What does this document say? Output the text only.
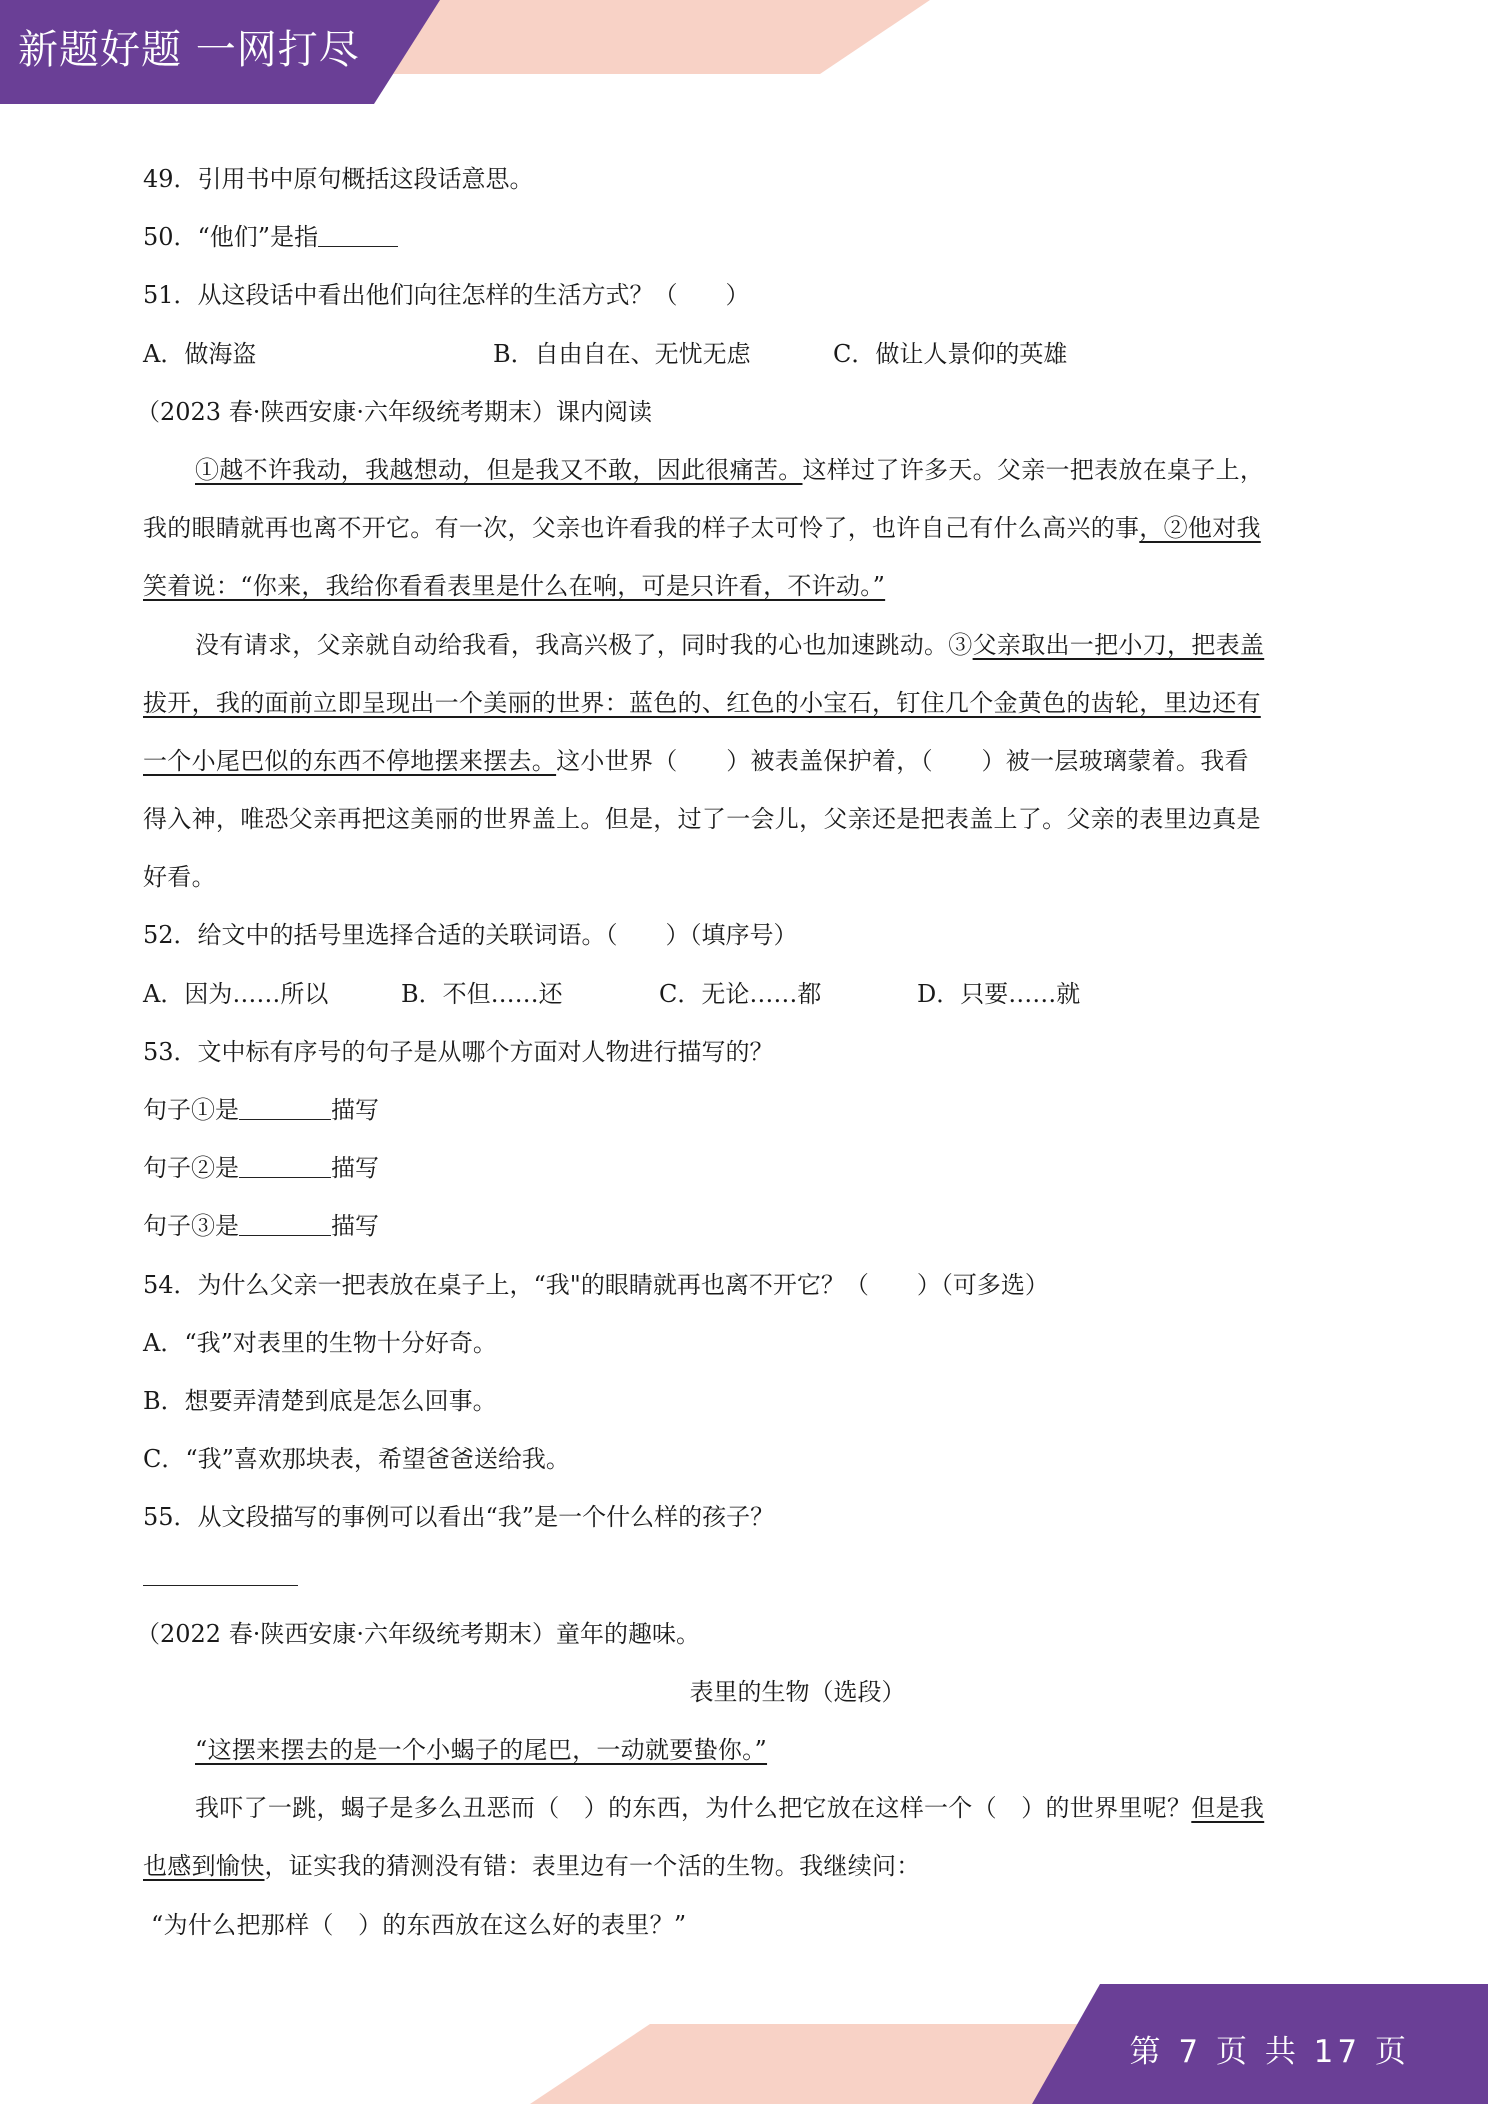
新题好题 一网打尽
第 7 页 共 17 页
49．引用书中原句概括这段话意思。
50．“他们”是指
51．从这段话中看出他们向往怎样的生活方式？（　　）
A．做海盗	B．自由自在、无忧无虑	C．做让人景仰的英雄
（2023 春·陕西安康·六年级统考期末）课内阅读
①越不许我动，我越想动，但是我又不敢，因此很痛苦。这样过了许多天。父亲一把表放在桌子上，
我的眼睛就再也离不开它。有一次，父亲也许看我的样子太可怜了，也许自己有什么高兴的事，②他对我
笑着说：“你来，我给你看看表里是什么在响，可是只许看，不许动。”
没有请求，父亲就自动给我看，我高兴极了，同时我的心也加速跳动。③父亲取出一把小刀，把表盖
拔开，我的面前立即呈现出一个美丽的世界：蓝色的、红色的小宝石，钉住几个金黄色的齿轮，里边还有
一个小尾巴似的东西不停地摆来摆去。这小世界（　　）被表盖保护着，（　　）被一层玻璃蒙着。我看
得入神，唯恐父亲再把这美丽的世界盖上。但是，过了一会儿，父亲还是把表盖上了。父亲的表里边真是
好看。
52．给文中的括号里选择合适的关联词语。（　　）（填序号）
A．因为……所以	B．不但……还	C．无论……都	D．只要……就
53．文中标有序号的句子是从哪个方面对人物进行描写的？
句子①是	描写
句子②是	描写
句子③是	描写
54．为什么父亲一把表放在桌子上，“我"的眼睛就再也离不开它？（　　）（可多选）
A．“我”对表里的生物十分好奇。
B．想要弄清楚到底是怎么回事。
C．“我”喜欢那块表，希望爸爸送给我。
55．从文段描写的事例可以看出“我”是一个什么样的孩子？
（2022 春·陕西安康·六年级统考期末）童年的趣味。
表里的生物（选段）
“这摆来摆去的是一个小蝎子的尾巴，一动就要蛰你。”
我吓了一跳，蝎子是多么丑恶而（　）的东西，为什么把它放在这样一个（　）的世界里呢？但是我
也感到愉快，证实我的猜测没有错：表里边有一个活的生物。我继续问：
“为什么把那样（　）的东西放在这么好的表里？”
